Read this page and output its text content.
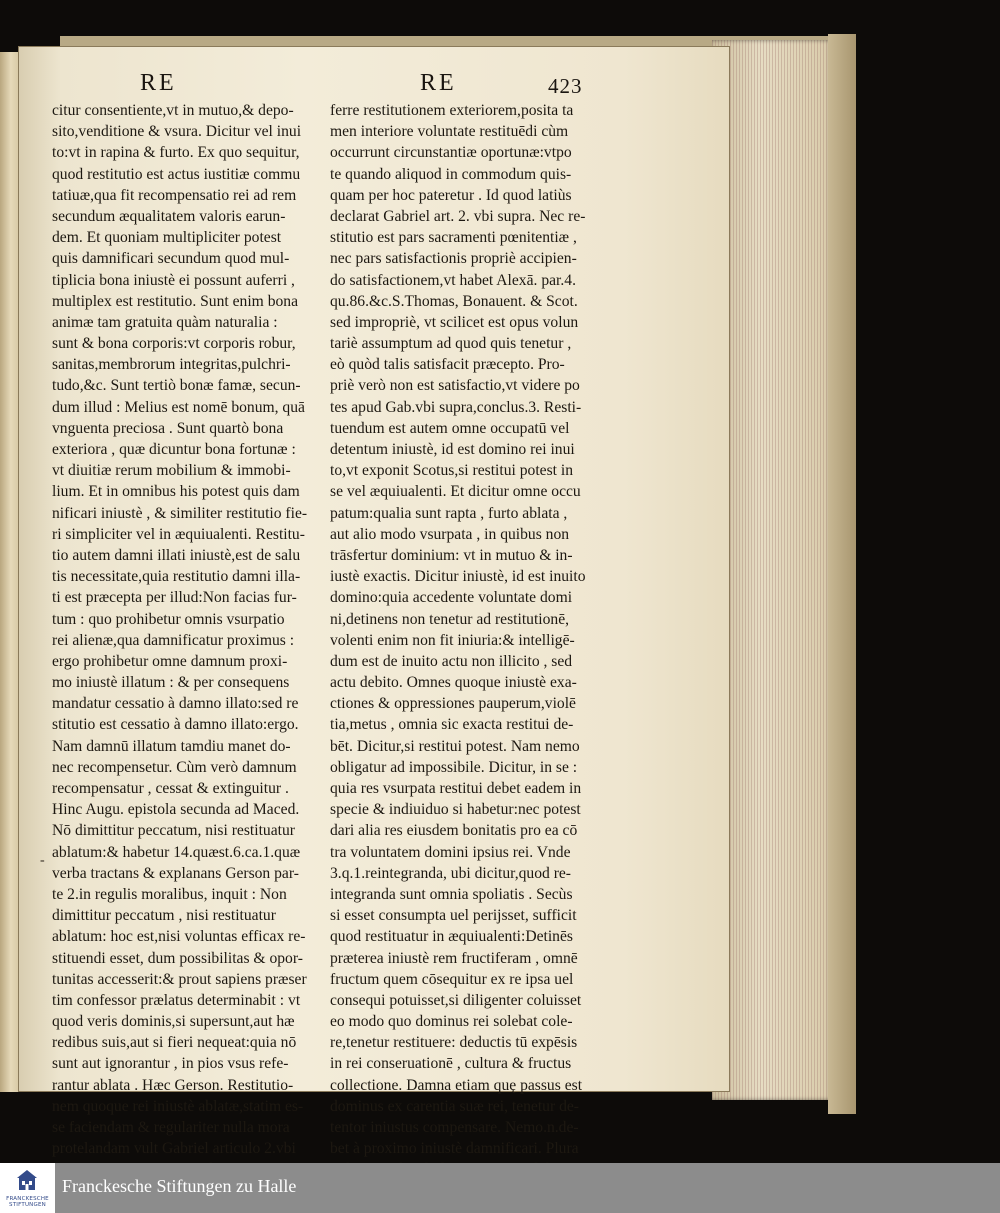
RE	RE	423
citur consentiente,vt in mutuo,& depo-
sito,venditione & vsura. Dicitur vel inui
to:vt in rapina & furto. Ex quo sequitur,
quod restitutio est actus iustitiæ commu
tatiuæ,qua fit recompensatio rei ad rem
secundum æqualitatem valoris earun-
dem. Et quoniam multipliciter potest
quis damnificari secundum quod mul-
tiplicia bona iniustè ei possunt auferri ,
multiplex est restitutio. Sunt enim bona
animæ tam gratuita quàm naturalia :
sunt & bona corporis:vt corporis robur,
sanitas,membrorum integritas,pulchri-
tudo,&c. Sunt tertiò bonæ famæ, secun-
dum illud : Melius est nomē bonum, quā
vnguenta preciosa . Sunt quartò bona
exteriora , quæ dicuntur bona fortunæ :
vt diuitiæ rerum mobilium & immobi-
lium. Et in omnibus his potest quis dam
nificari iniustè , & similiter restitutio fie-
ri simpliciter vel in æquiualenti. Restitu-
tio autem damni illati iniustè,est de salu
tis necessitate,quia restitutio damni illa-
ti est præcepta per illud:Non facias fur-
tum : quo prohibetur omnis vsurpatio
rei alienæ,qua damnificatur proximus :
ergo prohibetur omne damnum proxi-
mo iniustè illatum : & per consequens
mandatur cessatio à damno illato:sed re
stitutio est cessatio à damno illato:ergo.
Nam damnū illatum tamdiu manet do-
nec recompensetur. Cùm verò damnum
recompensatur , cessat & extinguitur .
Hinc Augu. epistola secunda ad Maced.
Nō dimittitur peccatum, nisi restituatur
ablatum:& habetur 14.quæst.6.ca.1.quæ
verba tractans & explanans Gerson par-
te 2.in regulis moralibus, inquit : Non
dimittitur peccatum , nisi restituatur
ablatum: hoc est,nisi voluntas efficax re-
stituendi esset, dum possibilitas & opor-
tunitas accesserit:& prout sapiens præser
tim confessor prælatus determinabit : vt
quod veris dominis,si supersunt,aut hæ
redibus suis,aut si fieri nequeat:quia nō
sunt aut ignorantur , in pios vsus refe-
rantur ablata . Hæc Gerson. Restitutio-
nem quoque rei iniustè ablatæ,statim es-
se faciendam & regulariter nulla mora
protelandam vult Gabriel articulo 2.vbi
ferre restitutionem exteriorem,posita ta
men interiore voluntate restituēdi cùm
occurrunt circunstantiæ oportunæ:vtpo
te quando aliquod in commodum quis-
quam per hoc pateretur . Id quod latiùs
declarat Gabriel art. 2. vbi supra. Nec re-
stitutio est pars sacramenti pœnitentiæ ,
nec pars satisfactionis propriè accipien-
do satisfactionem,vt habet Alexā. par.4.
qu.86.&c.S.Thomas, Bonauent. & Scot.
sed impropriè, vt scilicet est opus volun
tariè assumptum ad quod quis tenetur ,
eò quòd talis satisfacit præcepto. Pro-
priè verò non est satisfactio,vt videre po
tes apud Gab.vbi supra,conclus.3. Resti-
tuendum est autem omne occupatū vel
detentum iniustè, id est domino rei inui
to,vt exponit Scotus,si restitui potest in
se vel æquiualenti. Et dicitur omne occu
patum:qualia sunt rapta , furto ablata ,
aut alio modo vsurpata , in quibus non
trāsfertur dominium: vt in mutuo & in-
iustè exactis. Dicitur iniustè, id est inuito
domino:quia accedente voluntate domi
ni,detinens non tenetur ad restitutionē,
volenti enim non fit iniuria:& intelligē-
dum est de inuito actu non illicito , sed
actu debito. Omnes quoque iniustè exa-
ctiones & oppressiones pauperum,violē
tia,metus , omnia sic exacta restitui de-
bēt. Dicitur,si restitui potest. Nam nemo
obligatur ad impossibile. Dicitur, in se :
quia res vsurpata restitui debet eadem in
specie & indiuiduo si habetur:nec potest
dari alia res eiusdem bonitatis pro ea cō
tra voluntatem domini ipsius rei. Vnde
3.q.1.reintegranda, ubi dicitur,quod re-
integranda sunt omnia spoliatis . Secùs
si esset consumpta uel perijsset, sufficit
quod restituatur in æquiualenti:Detinēs
præterea iniustè rem fructiferam , omnē
fructum quem cōsequitur ex re ipsa uel
consequi potuisset,si diligenter coluisset
eo modo quo dominus rei solebat cole-
re,tenetur restituere: deductis tū expēsis
in rei conseruationē , cultura & fructus
collectione. Damna etiam quę passus est
dominus ex carentia suæ rei, tenetur de-
tentor iniustus compensare. Nemo.n.de-
bet à proximo iniustè damnificari. Plura
-
FRANCKESCHE
STIFTUNGEN
Franckesche Stiftungen zu Halle
